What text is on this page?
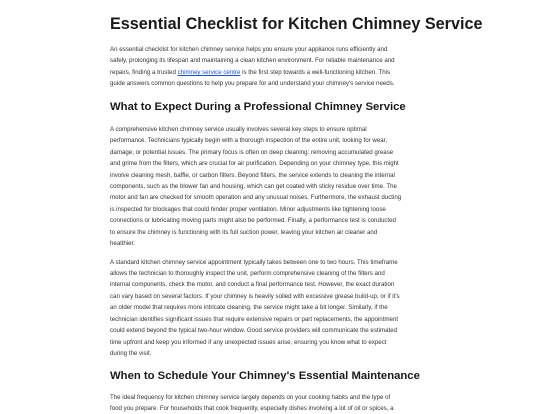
Essential Checklist for Kitchen Chimney Service

An essential checklist for kitchen chimney service helps you ensure your appliance runs efficiently and
safely, prolonging its lifespan and maintaining a clean kitchen environment. For reliable maintenance and
repairs, finding a trusted chimney service centre is the first step towards a well-functioning kitchen. This
guide answers common questions to help you prepare for and understand your chimney's service needs.

What to Expect During a Professional Chimney Service

A comprehensive kitchen chimney service usually involves several key steps to ensure optimal
performance. Technicians typically begin with a thorough inspection of the entire unit, looking for wear,
damage, or potential issues. The primary focus is often on deep cleaning: removing accumulated grease
and grime from the filters, which are crucial for air purification. Depending on your chimney type, this might
involve cleaning mesh, baffle, or carbon filters. Beyond filters, the service extends to cleaning the internal
components, such as the blower fan and housing, which can get coated with sticky residue over time. The
motor and fan are checked for smooth operation and any unusual noises. Furthermore, the exhaust ducting
is inspected for blockages that could hinder proper ventilation. Minor adjustments like tightening loose
connections or lubricating moving parts might also be performed. Finally, a performance test is conducted
to ensure the chimney is functioning with its full suction power, leaving your kitchen air cleaner and
healthier.

A standard kitchen chimney service appointment typically takes between one to two hours. This timeframe
allows the technician to thoroughly inspect the unit, perform comprehensive cleaning of the filters and
internal components, check the motor, and conduct a final performance test. However, the exact duration
can vary based on several factors. If your chimney is heavily soiled with excessive grease build-up, or if it's
an older model that requires more intricate cleaning, the service might take a bit longer. Similarly, if the
technician identifies significant issues that require extensive repairs or part replacements, the appointment
could extend beyond the typical two-hour window. Good service providers will communicate the estimated
time upfront and keep you informed if any unexpected issues arise, ensuring you know what to expect
during the visit.

When to Schedule Your Chimney's Essential Maintenance

The ideal frequency for kitchen chimney service largely depends on your cooking habits and the type of
food you prepare. For households that cook frequently, especially dishes involving a lot of oil or spices, a
